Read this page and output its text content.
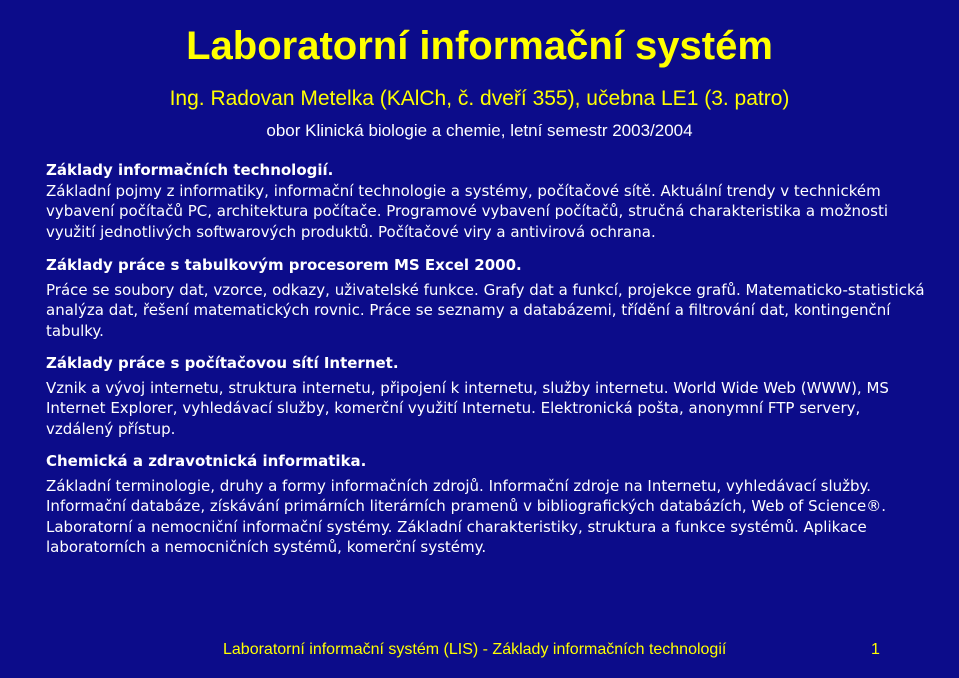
Laboratorní informační systém
Ing. Radovan Metelka (KAlCh, č. dveří 355), učebna LE1 (3. patro)
obor Klinická biologie a chemie, letní semestr 2003/2004

Základy informačních technologií.

Základní pojmy z informatiky, informační technologie a systémy, počítačové sítě. Aktuální trendy v technickém vybavení počítačů PC, architektura počítače. Programové vybavení počítačů, stručná charakteristika a možnosti využití jednotlivých softwarových produktů. Počítačové viry a antivirová ochrana.

Základy práce s tabulkovým procesorem MS Excel 2000.

Práce se soubory dat, vzorce, odkazy, uživatelské funkce. Grafy dat a funkcí, projekce grafů. Matematicko-statistická analýza dat, řešení matematických rovnic. Práce se seznamy a databázemi, třídění a filtrování dat, kontingenční tabulky.

Základy práce s počítačovou sítí Internet.

Vznik a vývoj internetu, struktura internetu, připojení k internetu, služby internetu. World Wide Web (WWW), MS Internet Explorer, vyhledávací služby, komerční využití Internetu. Elektronická pošta, anonymní FTP servery, vzdálený přístup.

Chemická a zdravotnická informatika.

Základní terminologie, druhy a formy informačních zdrojů. Informační zdroje na Internetu, vyhledávací služby. Informační databáze, získávání primárních literárních pramenů v bibliografických databázích, Web of Science®. Laboratorní a nemocniční informační systémy. Základní charakteristiky, struktura a funkce systémů. Aplikace laboratorních a nemocničních systémů, komerční systémy.

Laboratorní informační systém (LIS) - Základy informačních technologií	1
